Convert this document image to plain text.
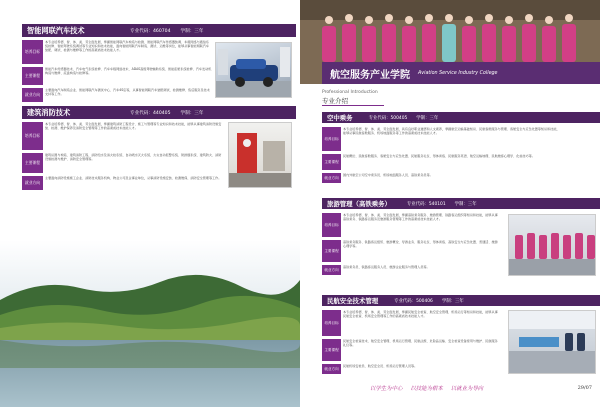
智能网联汽车技术	专业代码：460704 学制：三年
培养目标
本专业培养德、智、体、美、劳全面发展，掌握智能网联汽车构造与检测、智能网联汽车传感器装调、车载网络与通信系统检修、智能驾驶系统调试等专业知识和技术技能，面向智能网联汽车制造、测试、运维等岗位，能够从事智能网联汽车装配、调试、检测与维修等工作的高素质技术技能人才。
主要课程
智能汽车传感器技术、汽车电气系统检修、汽车车载网络技术、ADAS高级驾驶辅助系统、智能座舱系统检修、汽车发动机构造与维修、底盘构造与检修等。
就业方向
主要面向汽车制造企业、智能网联汽车测试中心、汽车4S店等，从事智能网联汽车装配调试、检测维修、售后服务及技术支持等工作。
建筑消防技术	专业代码：440405 学制：三年
培养目标
本专业培养德、智、体、美、劳全面发展，掌握建筑消防工程设计、施工与管理等专业知识和技术技能，能够从事建筑消防设施安装、检测、维护保养及消防安全管理等工作的高素质技术技能人才。
主要课程
建筑识图与构造、建筑消防工程、消防给水及消火栓系统、自动喷水灭火系统、火灾自动报警系统、防排烟系统、建筑防火、消防设施检测与维护、消防安全管理等。
就业方向
主要面向消防设施施工企业、消防技术服务机构、物业公司及企事业单位，从事消防设施安装、检测维保、消防安全管理等工作。
航空服务产业学院 Aviation Service Industry College
Professional Introduction
专业介绍
空中乘务	专业代码：500405 学制：三年
培养目标
本专业培养德、智、体、美、劳全面发展，具有良好职业道德和人文素养，掌握航空运输基础知识、民航客舱服务与管理、客舱安全与应急处置等知识和技能，能够从事民航客舱服务、机场地面服务等工作的高素质技术技能人才。
主要课程
民航概论、民航客舱服务、客舱安全与应急处置、民航服务礼仪、形体训练、民航服务英语、航空运输地理、民航旅客心理学、化妆技巧等。
就业方向
国内外航空公司空中乘务员、机场地面服务人员、高铁乘务员等。
旅游管理（高铁乘务）	专业代码：540101 学制：三年
培养目标
本专业培养德、智、体、美、劳全面发展，掌握高铁乘务服务、旅游管理、铁路客运组织等知识和技能，能够从事高铁乘务、铁路客运服务及旅游服务管理等工作的高素质技术技能人才。
主要课程
高铁乘务服务、铁路客运组织、旅游概论、导游业务、服务礼仪、形体训练、高铁安全与应急处置、普通话、旅游心理学等。
就业方向
高铁乘务员、铁路客运服务人员、旅游企业服务与管理人员等。
民航安全技术管理	专业代码：500406 学制：三年
培养目标
本专业培养德、智、体、美、劳全面发展，掌握民航安全检查、航空安全管理、机场运行等知识和技能，能够从事民航安全检查、机场安全管理等工作的高素质技术技能人才。
主要课程
民航安全检查技术、航空安全管理、机场运行管理、民航法规、危险品运输、安全检查设备使用与维护、民航服务礼仪等。
就业方向
民航机场安检员、航空安全员、机场运行管理人员等。
以学生为中心 以技能为根本 以就业为导向	29/07
